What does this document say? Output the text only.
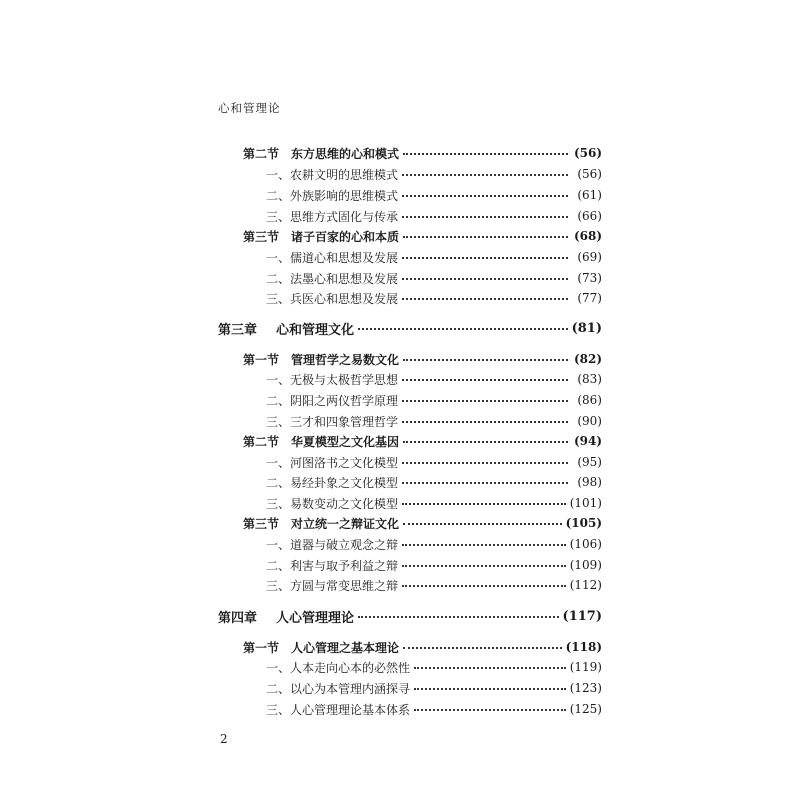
心和管理论
第二节 东方思维的心和模式	(56)
一、农耕文明的思维模式	(56)
二、外族影响的思维模式	(61)
三、思维方式固化与传承	(66)
第三节 诸子百家的心和本质	(68)
一、儒道心和思想及发展	(69)
二、法墨心和思想及发展	(73)
三、兵医心和思想及发展	(77)
第三章	心和管理文化	(81)
第一节 管理哲学之易数文化	(82)
一、无极与太极哲学思想	(83)
二、阴阳之两仪哲学原理	(86)
三、三才和四象管理哲学	(90)
第二节 华夏模型之文化基因	(94)
一、河图洛书之文化模型	(95)
二、易经卦象之文化模型	(98)
三、易数变动之文化模型	(101)
第三节 对立统一之辩证文化	(105)
一、道器与破立观念之辩	(106)
二、利害与取予利益之辩	(109)
三、方圆与常变思维之辩	(112)
第四章	人心管理理论	(117)
第一节 人心管理之基本理论	(118)
一、人本走向心本的必然性	(119)
二、以心为本管理内涵探寻	(123)
三、人心管理理论基本体系	(125)
2
